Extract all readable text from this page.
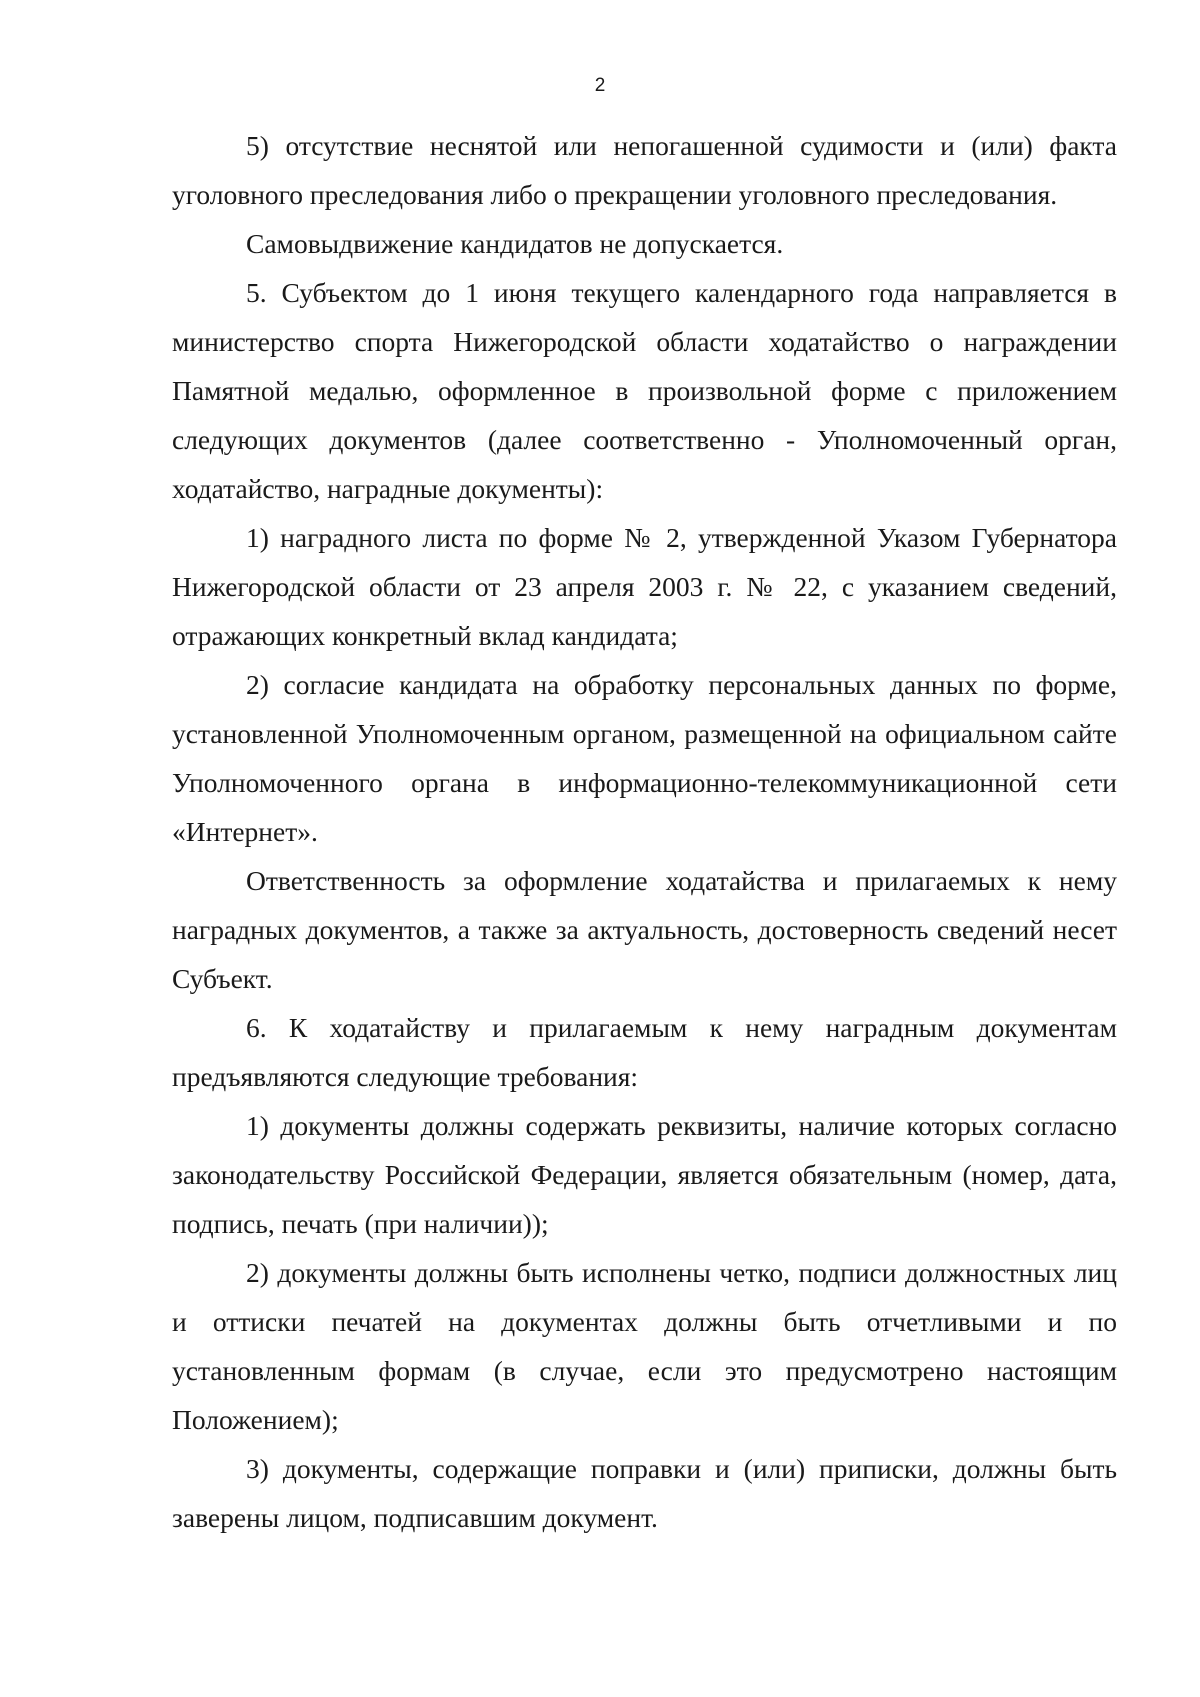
2

5) отсутствие неснятой или непогашенной судимости и (или) факта уголовного преследования либо о прекращении уголовного преследования.

Самовыдвижение кандидатов не допускается.

5. Субъектом до 1 июня текущего календарного года направляется в министерство спорта Нижегородской области ходатайство о награждении Памятной медалью, оформленное в произвольной форме с приложением следующих документов (далее соответственно - Уполномоченный орган, ходатайство, наградные документы):

1) наградного листа по форме № 2, утвержденной Указом Губернатора Нижегородской области от 23 апреля 2003 г. № 22, с указанием сведений, отражающих конкретный вклад кандидата;

2) согласие кандидата на обработку персональных данных по форме, установленной Уполномоченным органом, размещенной на официальном сайте Уполномоченного органа в информационно-телекоммуникационной сети «Интернет».

Ответственность за оформление ходатайства и прилагаемых к нему наградных документов, а также за актуальность, достоверность сведений несет Субъект.

6. К ходатайству и прилагаемым к нему наградным документам предъявляются следующие требования:

1) документы должны содержать реквизиты, наличие которых согласно законодательству Российской Федерации, является обязательным (номер, дата, подпись, печать (при наличии));

2) документы должны быть исполнены четко, подписи должностных лиц и оттиски печатей на документах должны быть отчетливыми и по установленным формам (в случае, если это предусмотрено настоящим Положением);

3) документы, содержащие поправки и (или) приписки, должны быть заверены лицом, подписавшим документ.
